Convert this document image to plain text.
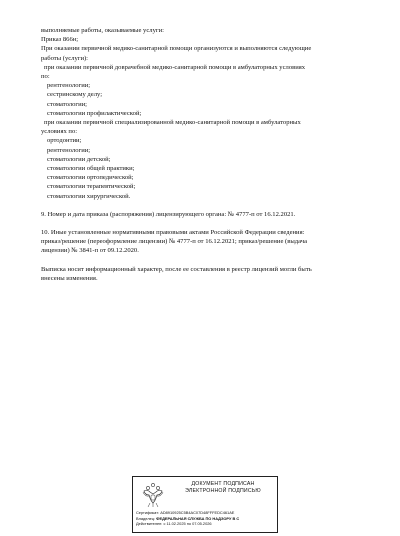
выполняемые работы, оказываемые услуги:
Приказ 866н;
При оказании первичной медико-санитарной помощи организуются и выполняются следующие
работы (услуги):
при оказании первичной доврачебной медико-санитарной помощи в амбулаторных условиях
по:
рентгенологии;
сестринскому делу;
стоматологии;
стоматологии профилактической;
при оказании первичной специализированной медико-санитарной помощи в амбулаторных
условиях по:
ортодонтии;
рентгенологии;
стоматологии детской;
стоматологии общей практики;
стоматологии ортопедической;
стоматологии терапевтической;
стоматологии хирургической.
9. Номер и дата приказа (распоряжения) лицензирующего органа: № 4777-п от 16.12.2021.
10. Иные установленные нормативными правовыми актами Российской Федерации сведения:
приказ/решение (переоформление лицензии) № 4777-п от 16.12.2021; приказ/решение (выдача
лицензии) № 3841-п от 09.12.2020.
Выписка носит информационный характер, после ее составления в реестр лицензий могли быть
внесены изменения.
ДОКУМЕНТ ПОДПИСАН
ЭЛЕКТРОННОЙ ПОДПИСЬЮ
Сертификат: AD8910925C5B4AC07D48FFFEDC461AE
Владелец: ФЕДЕРАЛЬНАЯ СЛУЖБА ПО НАДЗОРУ В С
Действителен: с 11.02.2025 по 07.05.2026
